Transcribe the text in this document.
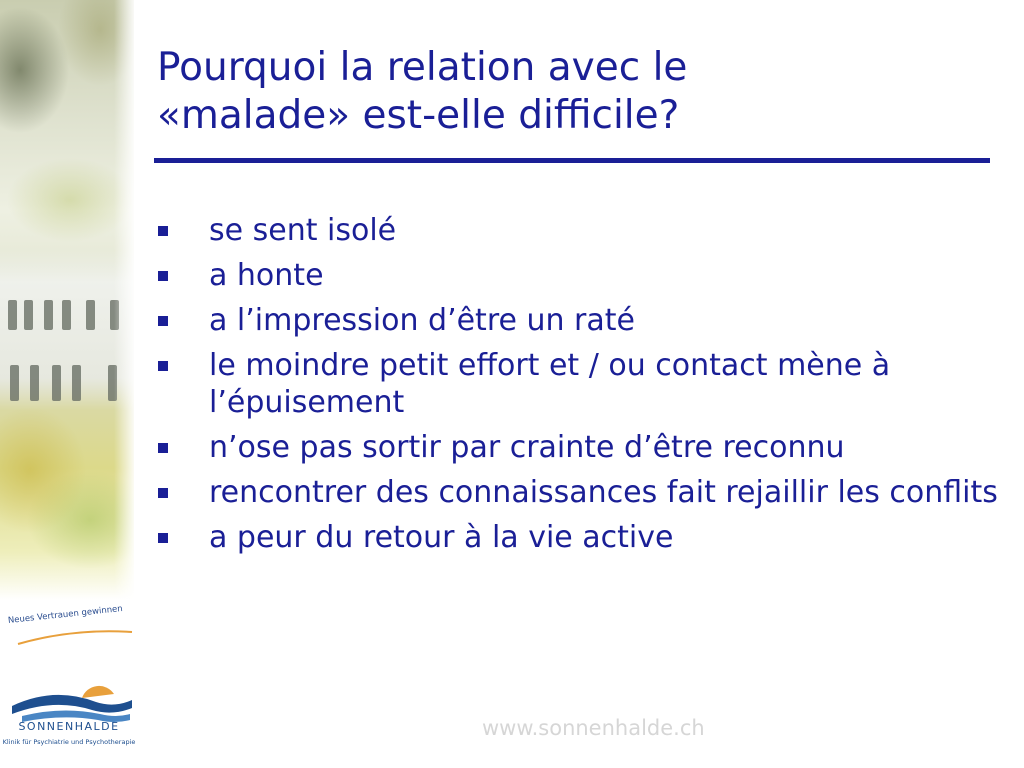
Neues Vertrauen gewinnen
SONNENHALDE
Klinik für Psychiatrie und Psychotherapie
Pourquoi la relation avec le
«malade» est-elle difficile?
se sent isolé
a honte
a l’impression d’être un raté
le moindre petit effort et / ou contact mène à l’épuisement
n’ose pas sortir par crainte d’être reconnu
rencontrer des connaissances fait rejaillir les conflits
a peur du retour à la vie active
www.sonnenhalde.ch
